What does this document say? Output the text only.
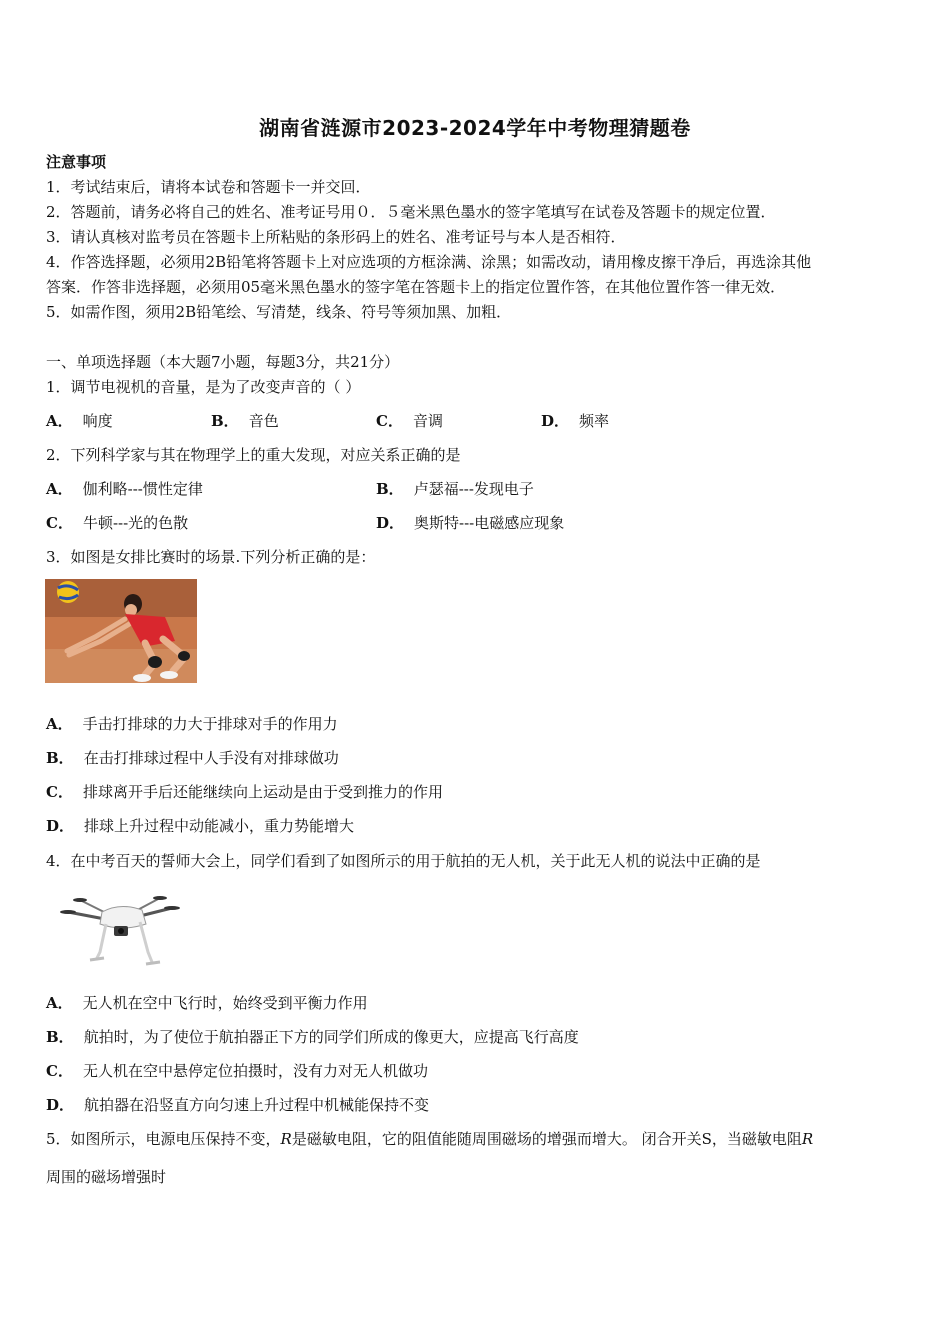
湖南省涟源市2023-2024学年中考物理猜题卷
注意事项
1．考试结束后，请将本试卷和答题卡一并交回．
2．答题前，请务必将自己的姓名、准考证号用０．５毫米黑色墨水的签字笔填写在试卷及答题卡的规定位置．
3．请认真核对监考员在答题卡上所粘贴的条形码上的姓名、准考证号与本人是否相符．
4．作答选择题，必须用2B铅笔将答题卡上对应选项的方框涂满、涂黑；如需改动，请用橡皮擦干净后，再选涂其他
答案．作答非选择题，必须用05毫米黑色墨水的签字笔在答题卡上的指定位置作答，在其他位置作答一律无效．
5．如需作图，须用2B铅笔绘、写清楚，线条、符号等须加黑、加粗．
一、单项选择题（本大题7小题，每题3分，共21分）
1．调节电视机的音量，是为了改变声音的（ ）
A． 响度	B． 音色	C． 音调	D． 频率
2．下列科学家与其在物理学上的重大发现，对应关系正确的是
A． 伽利略---惯性定律	B． 卢瑟福---发现电子
C． 牛顿---光的色散	D． 奥斯特---电磁感应现象
3．如图是女排比赛时的场景.下列分析正确的是：
A． 手击打排球的力大于排球对手的作用力
B． 在击打排球过程中人手没有对排球做功
C． 排球离开手后还能继续向上运动是由于受到推力的作用
D． 排球上升过程中动能减小，重力势能增大
4．在中考百天的誓师大会上，同学们看到了如图所示的用于航拍的无人机，关于此无人机的说法中正确的是
A． 无人机在空中飞行时，始终受到平衡力作用
B． 航拍时，为了使位于航拍器正下方的同学们所成的像更大，应提高飞行高度
C． 无人机在空中悬停定位拍摄时，没有力对无人机做功
D． 航拍器在沿竖直方向匀速上升过程中机械能保持不变
5．如图所示，电源电压保持不变，R是磁敏电阻，它的阻值能随周围磁场的增强而增大。 闭合开关S，当磁敏电阻R
周围的磁场增强时
